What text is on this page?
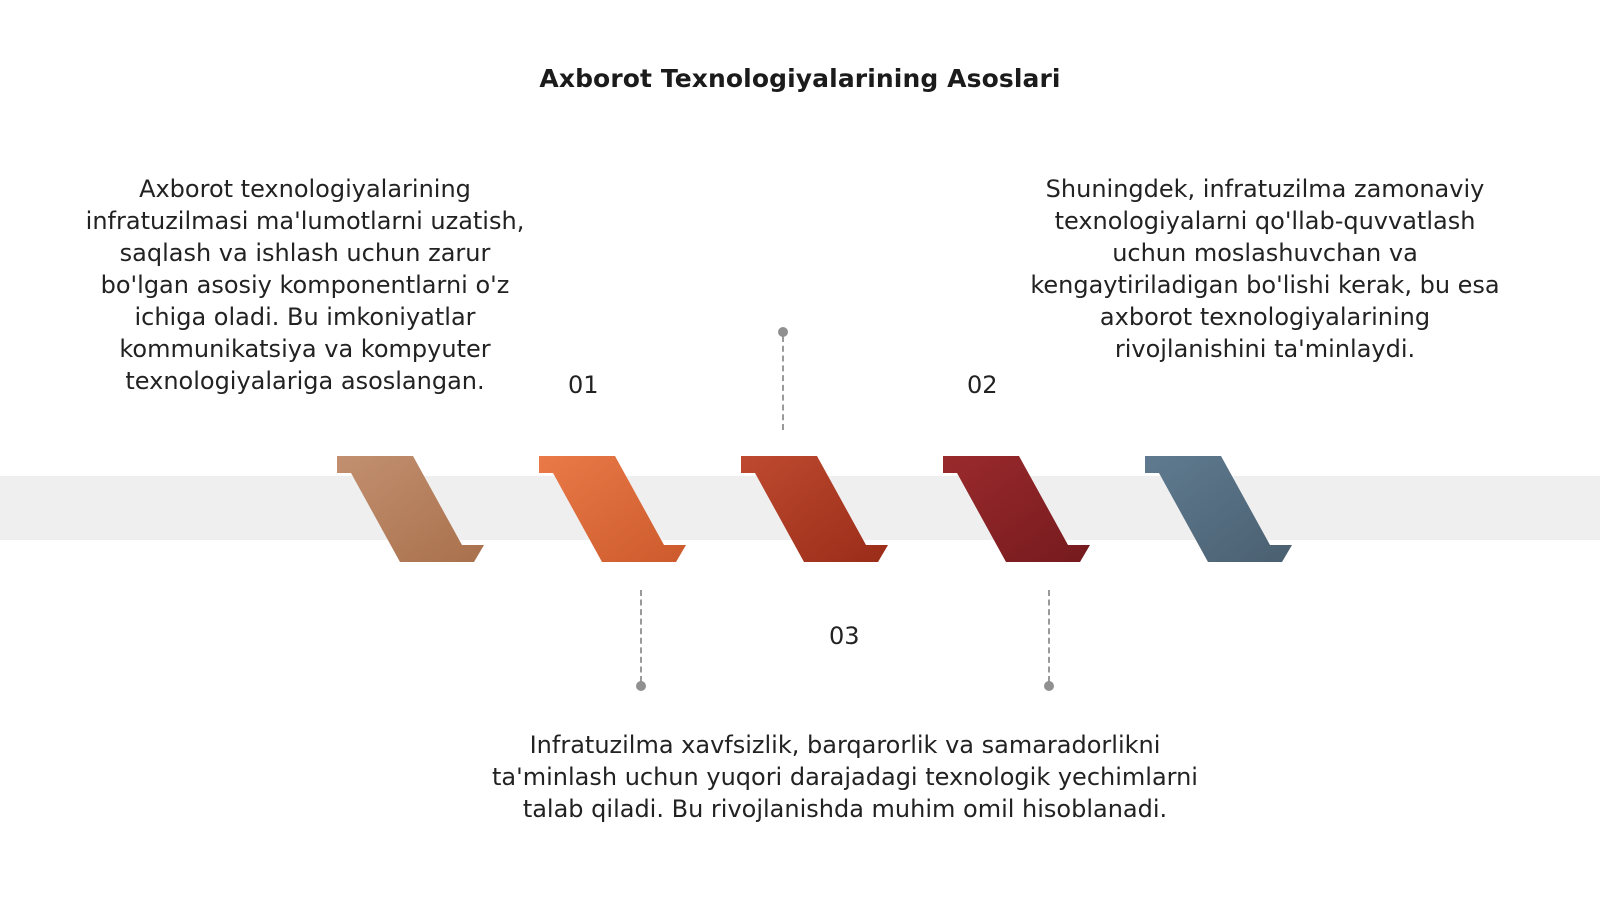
Axborot Texnologiyalarining Asoslari
Axborot texnologiyalarining infratuzilmasi ma'lumotlarni uzatish, saqlash va ishlash uchun zarur bo'lgan asosiy komponentlarni o'z ichiga oladi. Bu imkoniyatlar kommunikatsiya va kompyuter texnologiyalariga asoslangan.	01
Shuningdek, infratuzilma zamonaviy texnologiyalarni qo'llab-quvvatlash uchun moslashuvchan va kengaytiriladigan bo'lishi kerak, bu esa axborot texnologiyalarining rivojlanishini ta'minlaydi.
02
03
Infratuzilma xavfsizlik, barqarorlik va samaradorlikni ta'minlash uchun yuqori darajadagi texnologik yechimlarni talab qiladi. Bu rivojlanishda muhim omil hisoblanadi.
